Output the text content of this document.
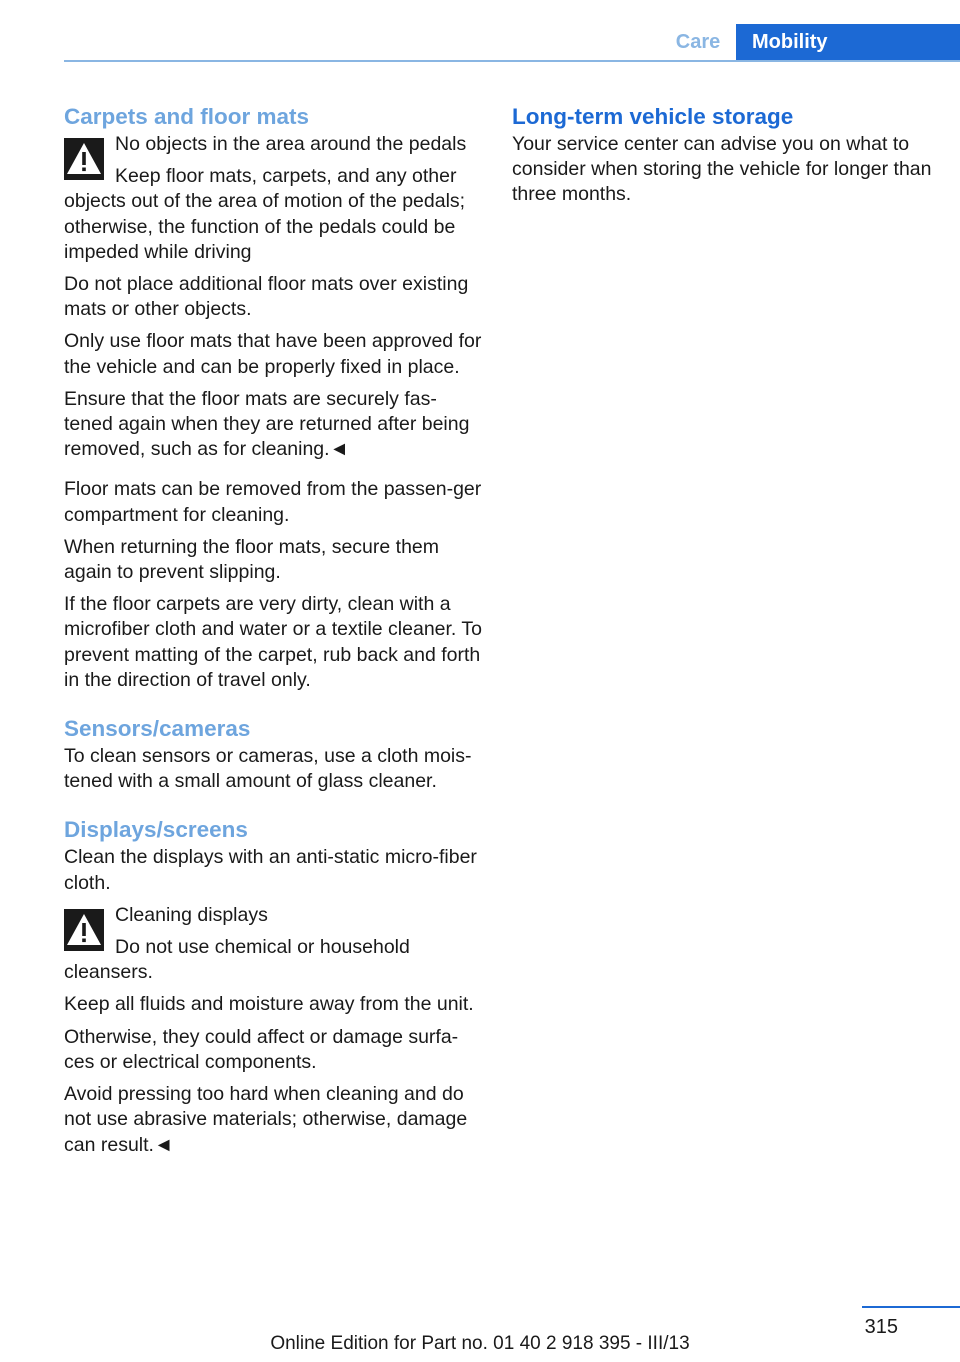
Care	Mobility
Carpets and floor mats
No objects in the area around the pedals

Keep floor mats, carpets, and any other objects out of the area of motion of the pedals; otherwise, the function of the pedals could be impeded while driving

Do not place additional floor mats over existing mats or other objects.

Only use floor mats that have been approved for the vehicle and can be properly fixed in place.

Ensure that the floor mats are securely fas-tened again when they are returned after being removed, such as for cleaning.◄

Floor mats can be removed from the passen-ger compartment for cleaning.

When returning the floor mats, secure them again to prevent slipping.

If the floor carpets are very dirty, clean with a microfiber cloth and water or a textile cleaner. To prevent matting of the carpet, rub back and forth in the direction of travel only.

Sensors/cameras

To clean sensors or cameras, use a cloth mois-tened with a small amount of glass cleaner.

Displays/screens

Clean the displays with an anti-static micro-fiber cloth.

Cleaning displays

Do not use chemical or household cleansers.

Keep all fluids and moisture away from the unit.

Otherwise, they could affect or damage surfa-ces or electrical components.

Avoid pressing too hard when cleaning and do not use abrasive materials; otherwise, damage can result.◄

Long-term vehicle storage

Your service center can advise you on what to consider when storing the vehicle for longer than three months.

315
Online Edition for Part no. 01 40 2 918 395 - III/13
